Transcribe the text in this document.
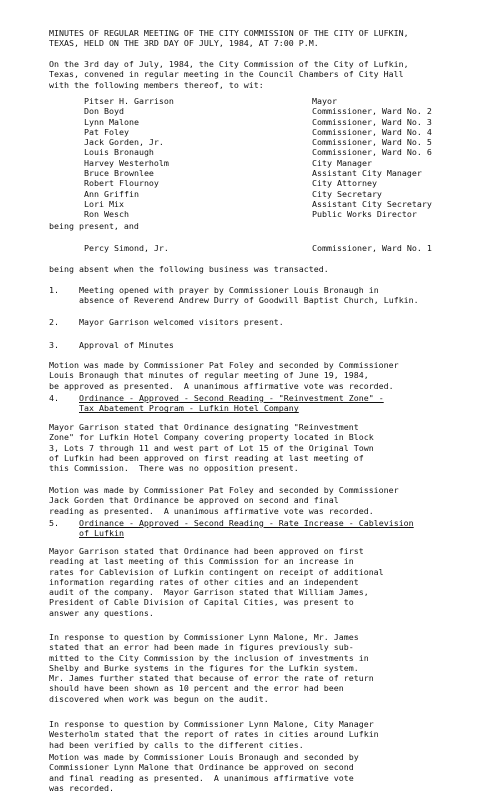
MINUTES OF REGULAR MEETING OF THE CITY COMMISSION OF THE CITY OF LUFKIN,
TEXAS, HELD ON THE 3RD DAY OF JULY, 1984, AT 7:00 P.M.

On the 3rd day of July, 1984, the City Commission of the City of Lufkin,
Texas, convened in regular meeting in the Council Chambers of City Hall
with the following members thereof, to wit:

Pitser H. Garrison	Mayor
Don Boyd	Commissioner, Ward No. 2
Lynn Malone	Commissioner, Ward No. 3
Pat Foley	Commissioner, Ward No. 4
Jack Gorden, Jr.	Commissioner, Ward No. 5
Louis Bronaugh	Commissioner, Ward No. 6
Harvey Westerholm	City Manager
Bruce Brownlee	Assistant City Manager
Robert Flournoy	City Attorney
Ann Griffin	City Secretary
Lori Mix	Assistant City Secretary
Ron Wesch	Public Works Director

being present, and

Percy Simond, Jr.	Commissioner, Ward No. 1

being absent when the following business was transacted.

1.	Meeting opened with prayer by Commissioner Louis Bronaugh in
absence of Reverend Andrew Durry of Goodwill Baptist Church, Lufkin.
2.	Mayor Garrison welcomed visitors present.
3.	Approval of Minutes

Motion was made by Commissioner Pat Foley and seconded by Commissioner
Louis Bronaugh that minutes of regular meeting of June 19, 1984,
be approved as presented.  A unanimous affirmative vote was recorded.

4.	Ordinance - Approved - Second Reading - "Reinvestment Zone" -
Tax Abatement Program - Lufkin Hotel Company

Mayor Garrison stated that Ordinance designating "Reinvestment
Zone" for Lufkin Hotel Company covering property located in Block
3, Lots 7 through 11 and west part of Lot 15 of the Original Town
of Lufkin had been approved on first reading at last meeting of
this Commission.  There was no opposition present.

Motion was made by Commissioner Pat Foley and seconded by Commissioner
Jack Gorden that Ordinance be approved on second and final
reading as presented.  A unanimous affirmative vote was recorded.

5.	Ordinance - Approved - Second Reading - Rate Increase - Cablevision
of Lufkin

Mayor Garrison stated that Ordinance had been approved on first
reading at last meeting of this Commission for an increase in
rates for Cablevision of Lufkin contingent on receipt of additional
information regarding rates of other cities and an independent
audit of the company.  Mayor Garrison stated that William James,
President of Cable Division of Capital Cities, was present to
answer any questions.

In response to question by Commissioner Lynn Malone, Mr. James
stated that an error had been made in figures previously sub-
mitted to the City Commission by the inclusion of investments in
Shelby and Burke systems in the figures for the Lufkin system.
Mr. James further stated that because of error the rate of return
should have been shown as 10 percent and the error had been
discovered when work was begun on the audit.

In response to question by Commissioner Lynn Malone, City Manager
Westerholm stated that the report of rates in cities around Lufkin
had been verified by calls to the different cities.

Motion was made by Commissioner Louis Bronaugh and seconded by
Commissioner Lynn Malone that Ordinance be approved on second
and final reading as presented.  A unanimous affirmative vote
was recorded.
